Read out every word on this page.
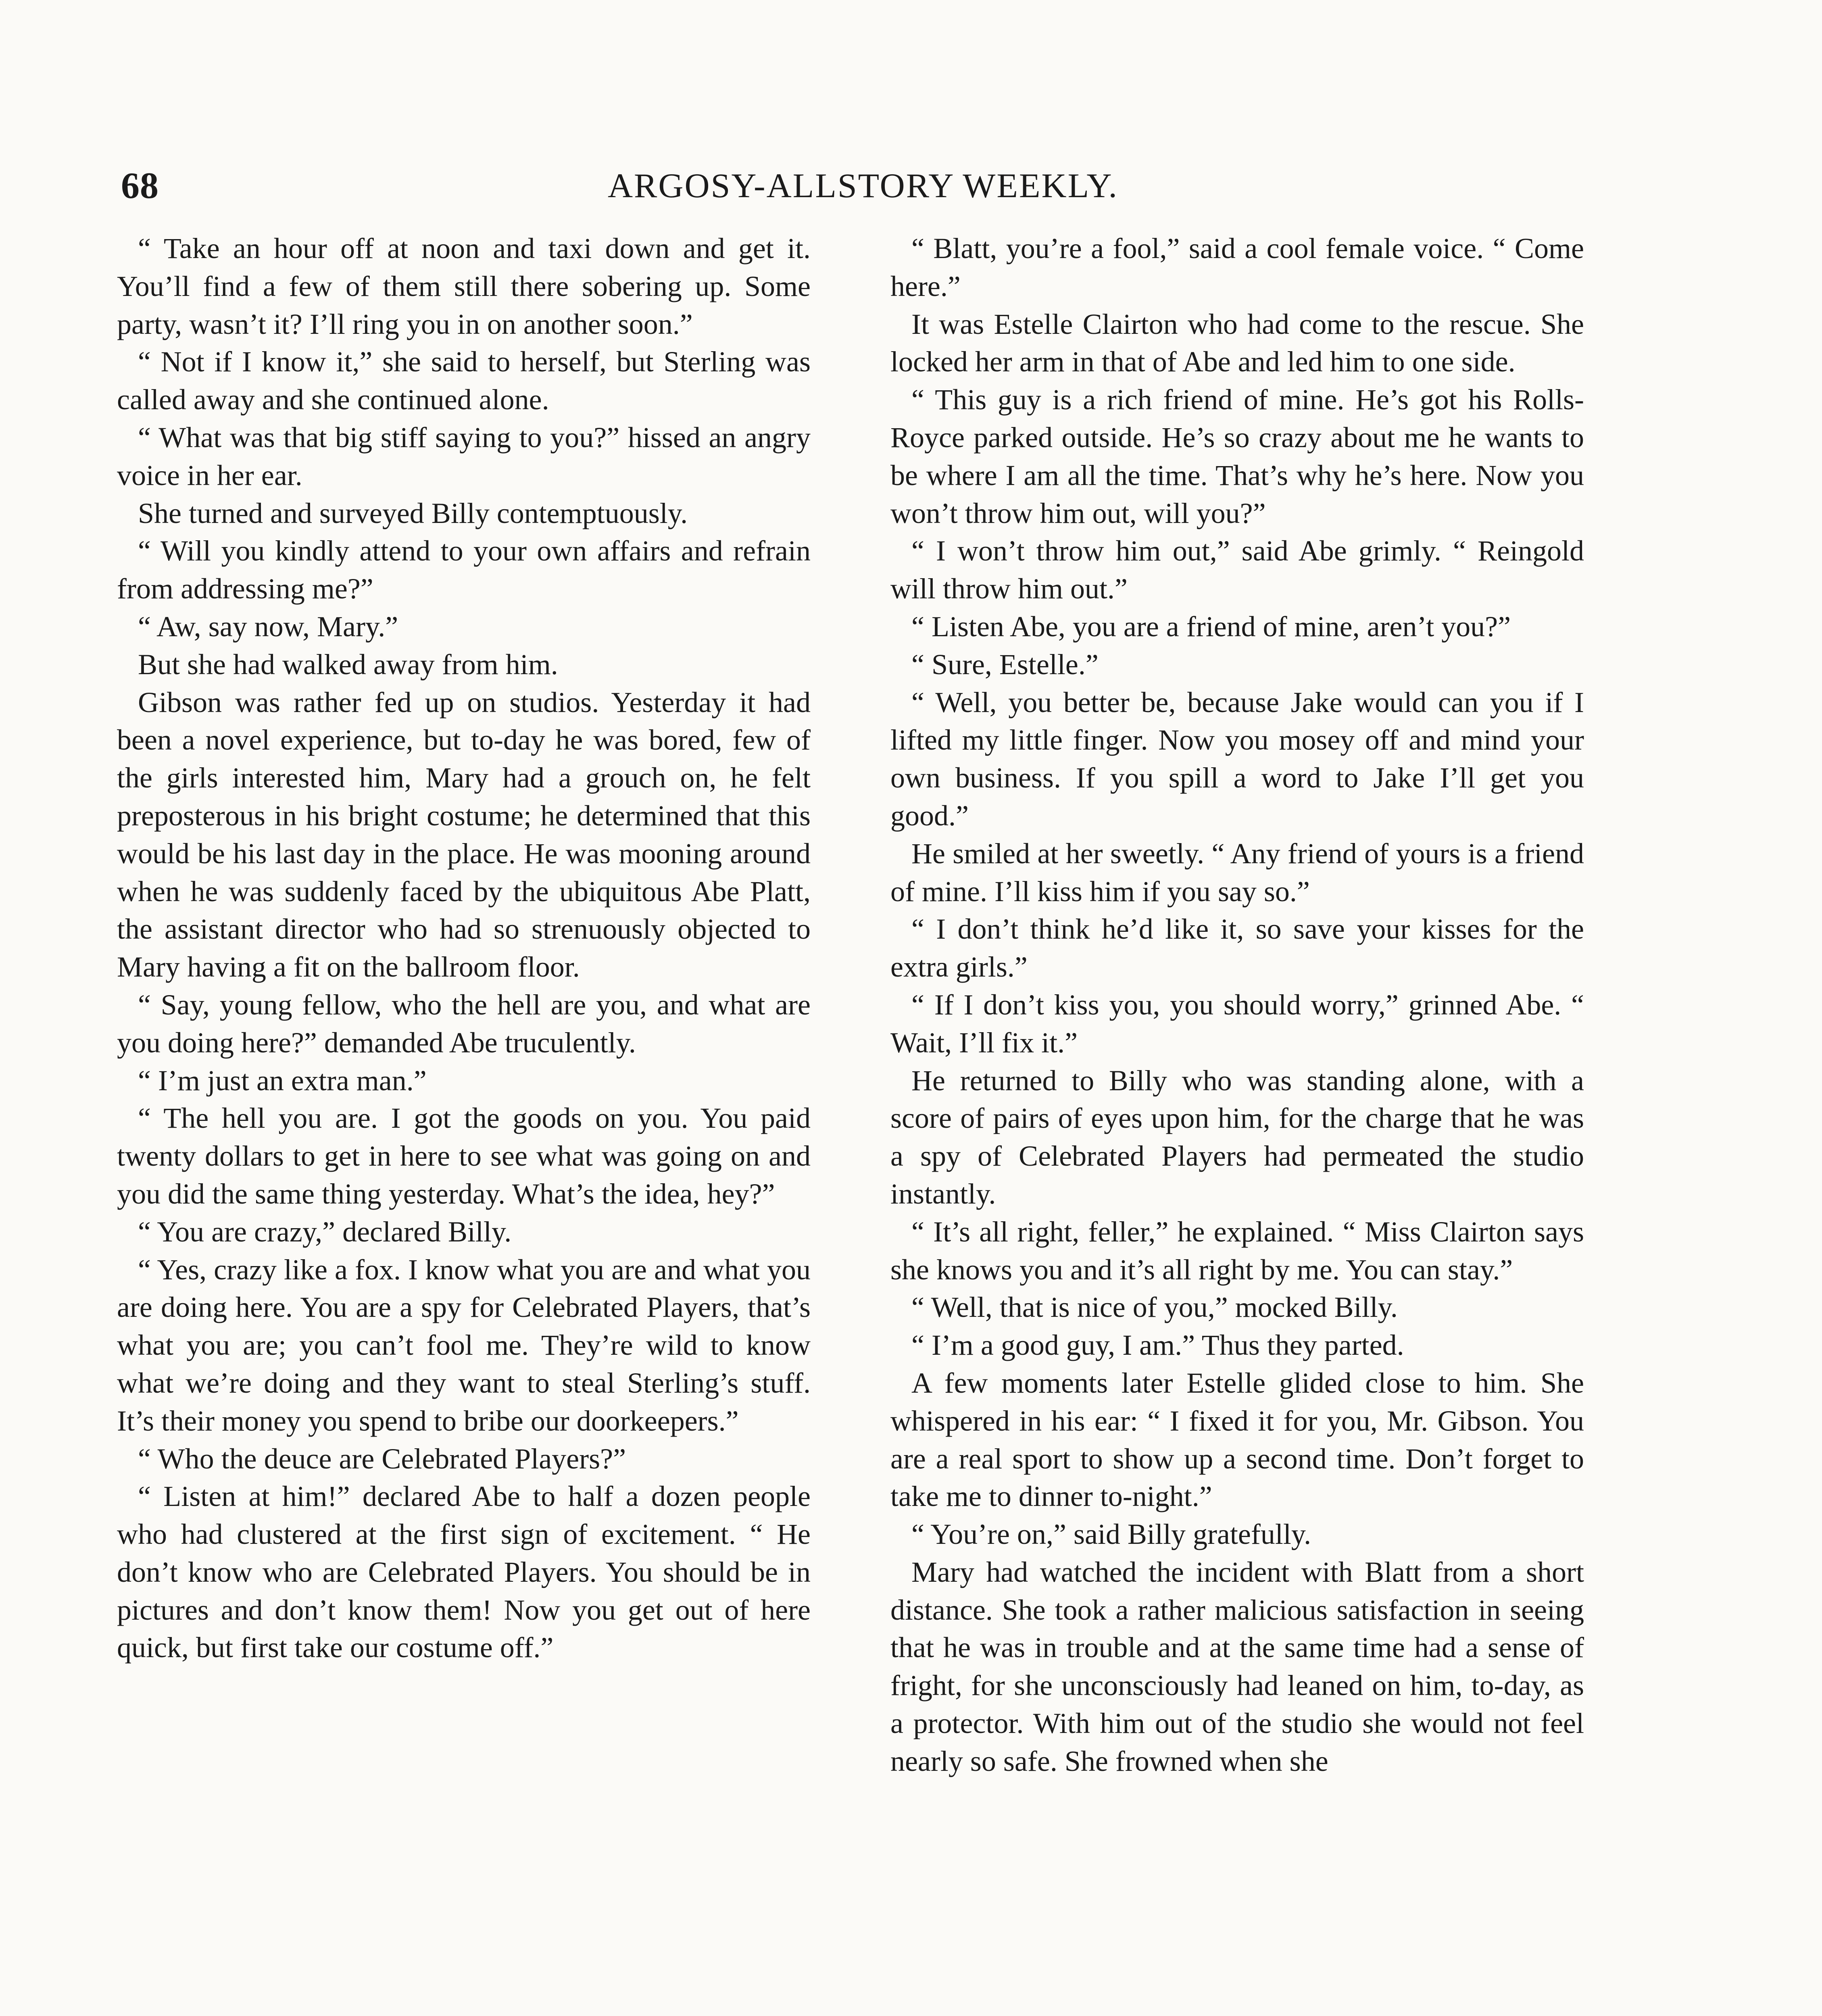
68	ARGOSY-ALLSTORY WEEKLY.

“ Take an hour off at noon and taxi down and get it. You’ll find a few of them still there sobering up. Some party, wasn’t it? I’ll ring you in on another soon.”

“ Not if I know it,” she said to herself, but Sterling was called away and she continued alone.

“ What was that big stiff saying to you?” hissed an angry voice in her ear.

She turned and surveyed Billy contemptuously.

“ Will you kindly attend to your own affairs and refrain from addressing me?”

“ Aw, say now, Mary.”

But she had walked away from him.

Gibson was rather fed up on studios. Yesterday it had been a novel experience, but to-day he was bored, few of the girls interested him, Mary had a grouch on, he felt preposterous in his bright costume; he determined that this would be his last day in the place. He was mooning around when he was suddenly faced by the ubiquitous Abe Platt, the assistant director who had so strenuously objected to Mary having a fit on the ballroom floor.

“ Say, young fellow, who the hell are you, and what are you doing here?” demanded Abe truculently.

“ I’m just an extra man.”

“ The hell you are. I got the goods on you. You paid twenty dollars to get in here to see what was going on and you did the same thing yesterday. What’s the idea, hey?”

“ You are crazy,” declared Billy.

“ Yes, crazy like a fox. I know what you are and what you are doing here. You are a spy for Celebrated Players, that’s what you are; you can’t fool me. They’re wild to know what we’re doing and they want to steal Sterling’s stuff. It’s their money you spend to bribe our doorkeepers.”

“ Who the deuce are Celebrated Players?”

“ Listen at him!” declared Abe to half a dozen people who had clustered at the first sign of excitement. “ He don’t know who are Celebrated Players. You should be in pictures and don’t know them! Now you get out of here quick, but first take our costume off.”

“ Blatt, you’re a fool,” said a cool female voice. “ Come here.”

It was Estelle Clairton who had come to the rescue. She locked her arm in that of Abe and led him to one side.

“ This guy is a rich friend of mine. He’s got his Rolls-Royce parked outside. He’s so crazy about me he wants to be where I am all the time. That’s why he’s here. Now you won’t throw him out, will you?”

“ I won’t throw him out,” said Abe grimly. “ Reingold will throw him out.”

“ Listen Abe, you are a friend of mine, aren’t you?”

“ Sure, Estelle.”

“ Well, you better be, because Jake would can you if I lifted my little finger. Now you mosey off and mind your own business. If you spill a word to Jake I’ll get you good.”

He smiled at her sweetly. “ Any friend of yours is a friend of mine. I’ll kiss him if you say so.”

“ I don’t think he’d like it, so save your kisses for the extra girls.”

“ If I don’t kiss you, you should worry,” grinned Abe. “ Wait, I’ll fix it.”

He returned to Billy who was standing alone, with a score of pairs of eyes upon him, for the charge that he was a spy of Celebrated Players had permeated the studio instantly.

“ It’s all right, feller,” he explained. “ Miss Clairton says she knows you and it’s all right by me. You can stay.”

“ Well, that is nice of you,” mocked Billy.

“ I’m a good guy, I am.” Thus they parted.

A few moments later Estelle glided close to him. She whispered in his ear: “ I fixed it for you, Mr. Gibson. You are a real sport to show up a second time. Don’t forget to take me to dinner to-night.”

“ You’re on,” said Billy gratefully.

Mary had watched the incident with Blatt from a short distance. She took a rather malicious satisfaction in seeing that he was in trouble and at the same time had a sense of fright, for she unconsciously had leaned on him, to-day, as a protector. With him out of the studio she would not feel nearly so safe. She frowned when she
